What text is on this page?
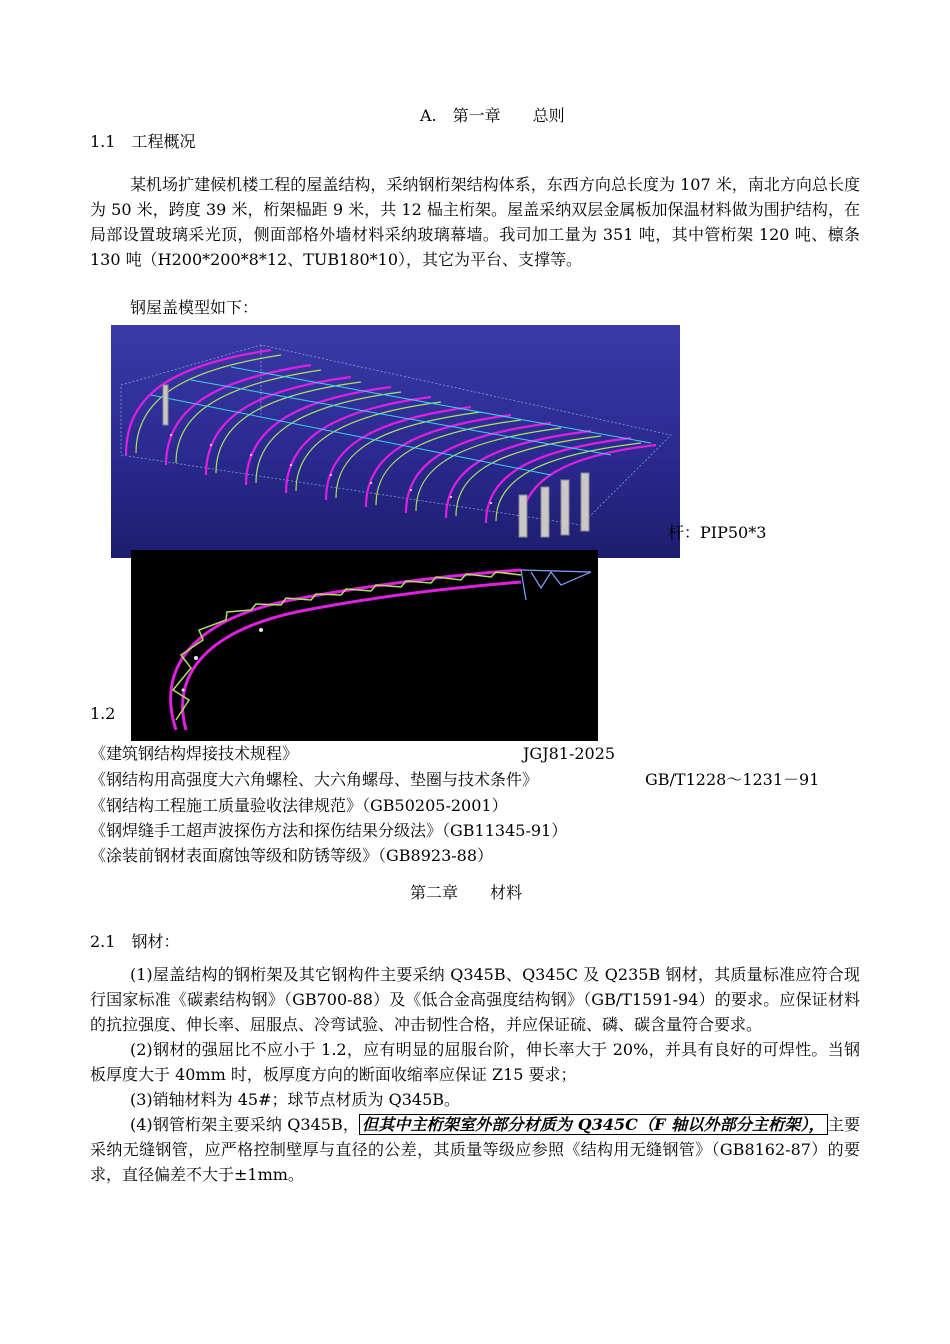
A.　第一章　　总则
1.1　工程概况

某机场扩建候机楼工程的屋盖结构，采纳钢桁架结构体系，东西方向总长度为 107 米，南北方向总长度为 50 米，跨度 39 米，桁架榀距 9 米，共 12 榀主桁架。屋盖采纳双层金属板加保温材料做为围护结构，在局部设置玻璃采光顶，侧面部格外墙材料采纳玻璃幕墙。我司加工量为 351 吨，其中管桁架 120 吨、檩条 130 吨（H200*200*8*12、TUB180*10），其它为平台、支撑等。

钢屋盖模型如下：
杆：PIP50*3
1.2
《建筑钢结构焊接技术规程》	JGJ81-2025
《钢结构用高强度大六角螺栓、大六角螺母、垫圈与技术条件》	GB/T1228～1231－91
《钢结构工程施工质量验收法律规范》（GB50205-2001）
《钢焊缝手工超声波探伤方法和探伤结果分级法》（GB11345-91）
《涂装前钢材表面腐蚀等级和防锈等级》（GB8923-88）
第二章　　材料
2.1　钢材：

(1)屋盖结构的钢桁架及其它钢构件主要采纳 Q345B、Q345C 及 Q235B 钢材，其质量标准应符合现行国家标准《碳素结构钢》（GB700-88）及《低合金高强度结构钢》（GB/T1591-94）的要求。应保证材料的抗拉强度、伸长率、屈服点、冷弯试验、冲击韧性合格，并应保证硫、磷、碳含量符合要求。

(2)钢材的强屈比不应小于 1.2，应有明显的屈服台阶，伸长率大于 20%，并具有良好的可焊性。当钢板厚度大于 40mm 时，板厚度方向的断面收缩率应保证 Z15 要求；

(3)销轴材料为 45#；球节点材质为 Q345B。

(4)钢管桁架主要采纳 Q345B， 但其中主桁架室外部分材质为 Q345C（F 轴以外部分主桁架）， 主要采纳无缝钢管，应严格控制壁厚与直径的公差，其质量等级应参照《结构用无缝钢管》（GB8162-87）的要求，直径偏差不大于±1mm。
